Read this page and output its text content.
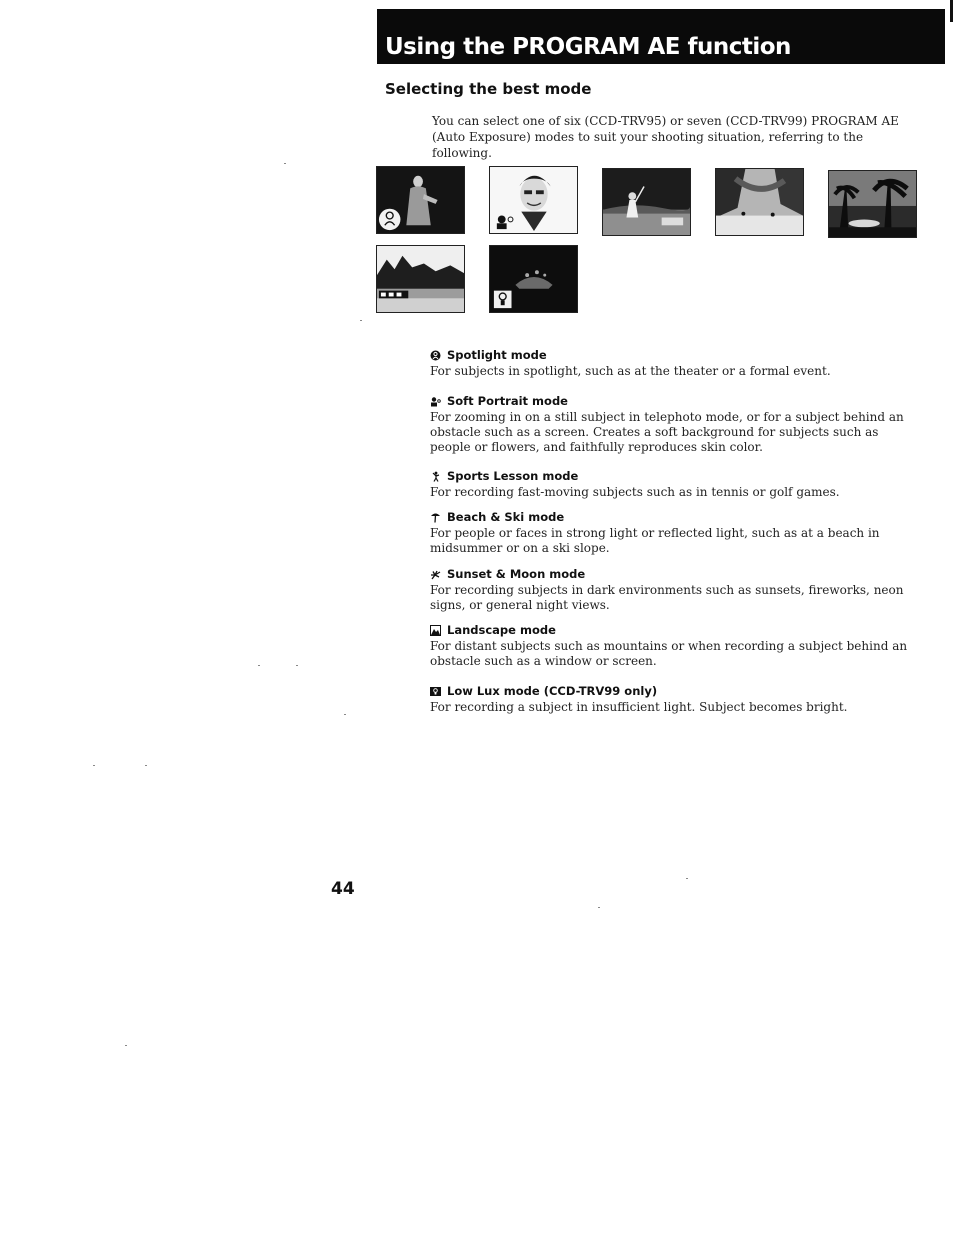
Using the PROGRAM AE function
Selecting the best mode

You can select one of six (CCD-TRV95) or seven (CCD-TRV99) PROGRAM AE (Auto Exposure) modes to suit your shooting situation, referring to the following.

Spotlight mode

For subjects in spotlight, such as at the theater or a formal event.

Soft Portrait mode

For zooming in on a still subject in telephoto mode, or for a subject behind an obstacle such as a screen. Creates a soft background for subjects such as people or flowers, and faithfully reproduces skin color.

Sports Lesson mode

For recording fast-moving subjects such as in tennis or golf games.

Beach & Ski mode

For people or faces in strong light or reflected light, such as at a beach in midsummer or on a ski slope.

Sunset & Moon mode

For recording subjects in dark environments such as sunsets, fireworks, neon signs, or general night views.

Landscape mode

For distant subjects such as mountains or when recording a subject behind an obstacle such as a window or screen.

Low Lux mode (CCD-TRV99 only)

For recording a subject in insufficient light. Subject becomes bright.

44
